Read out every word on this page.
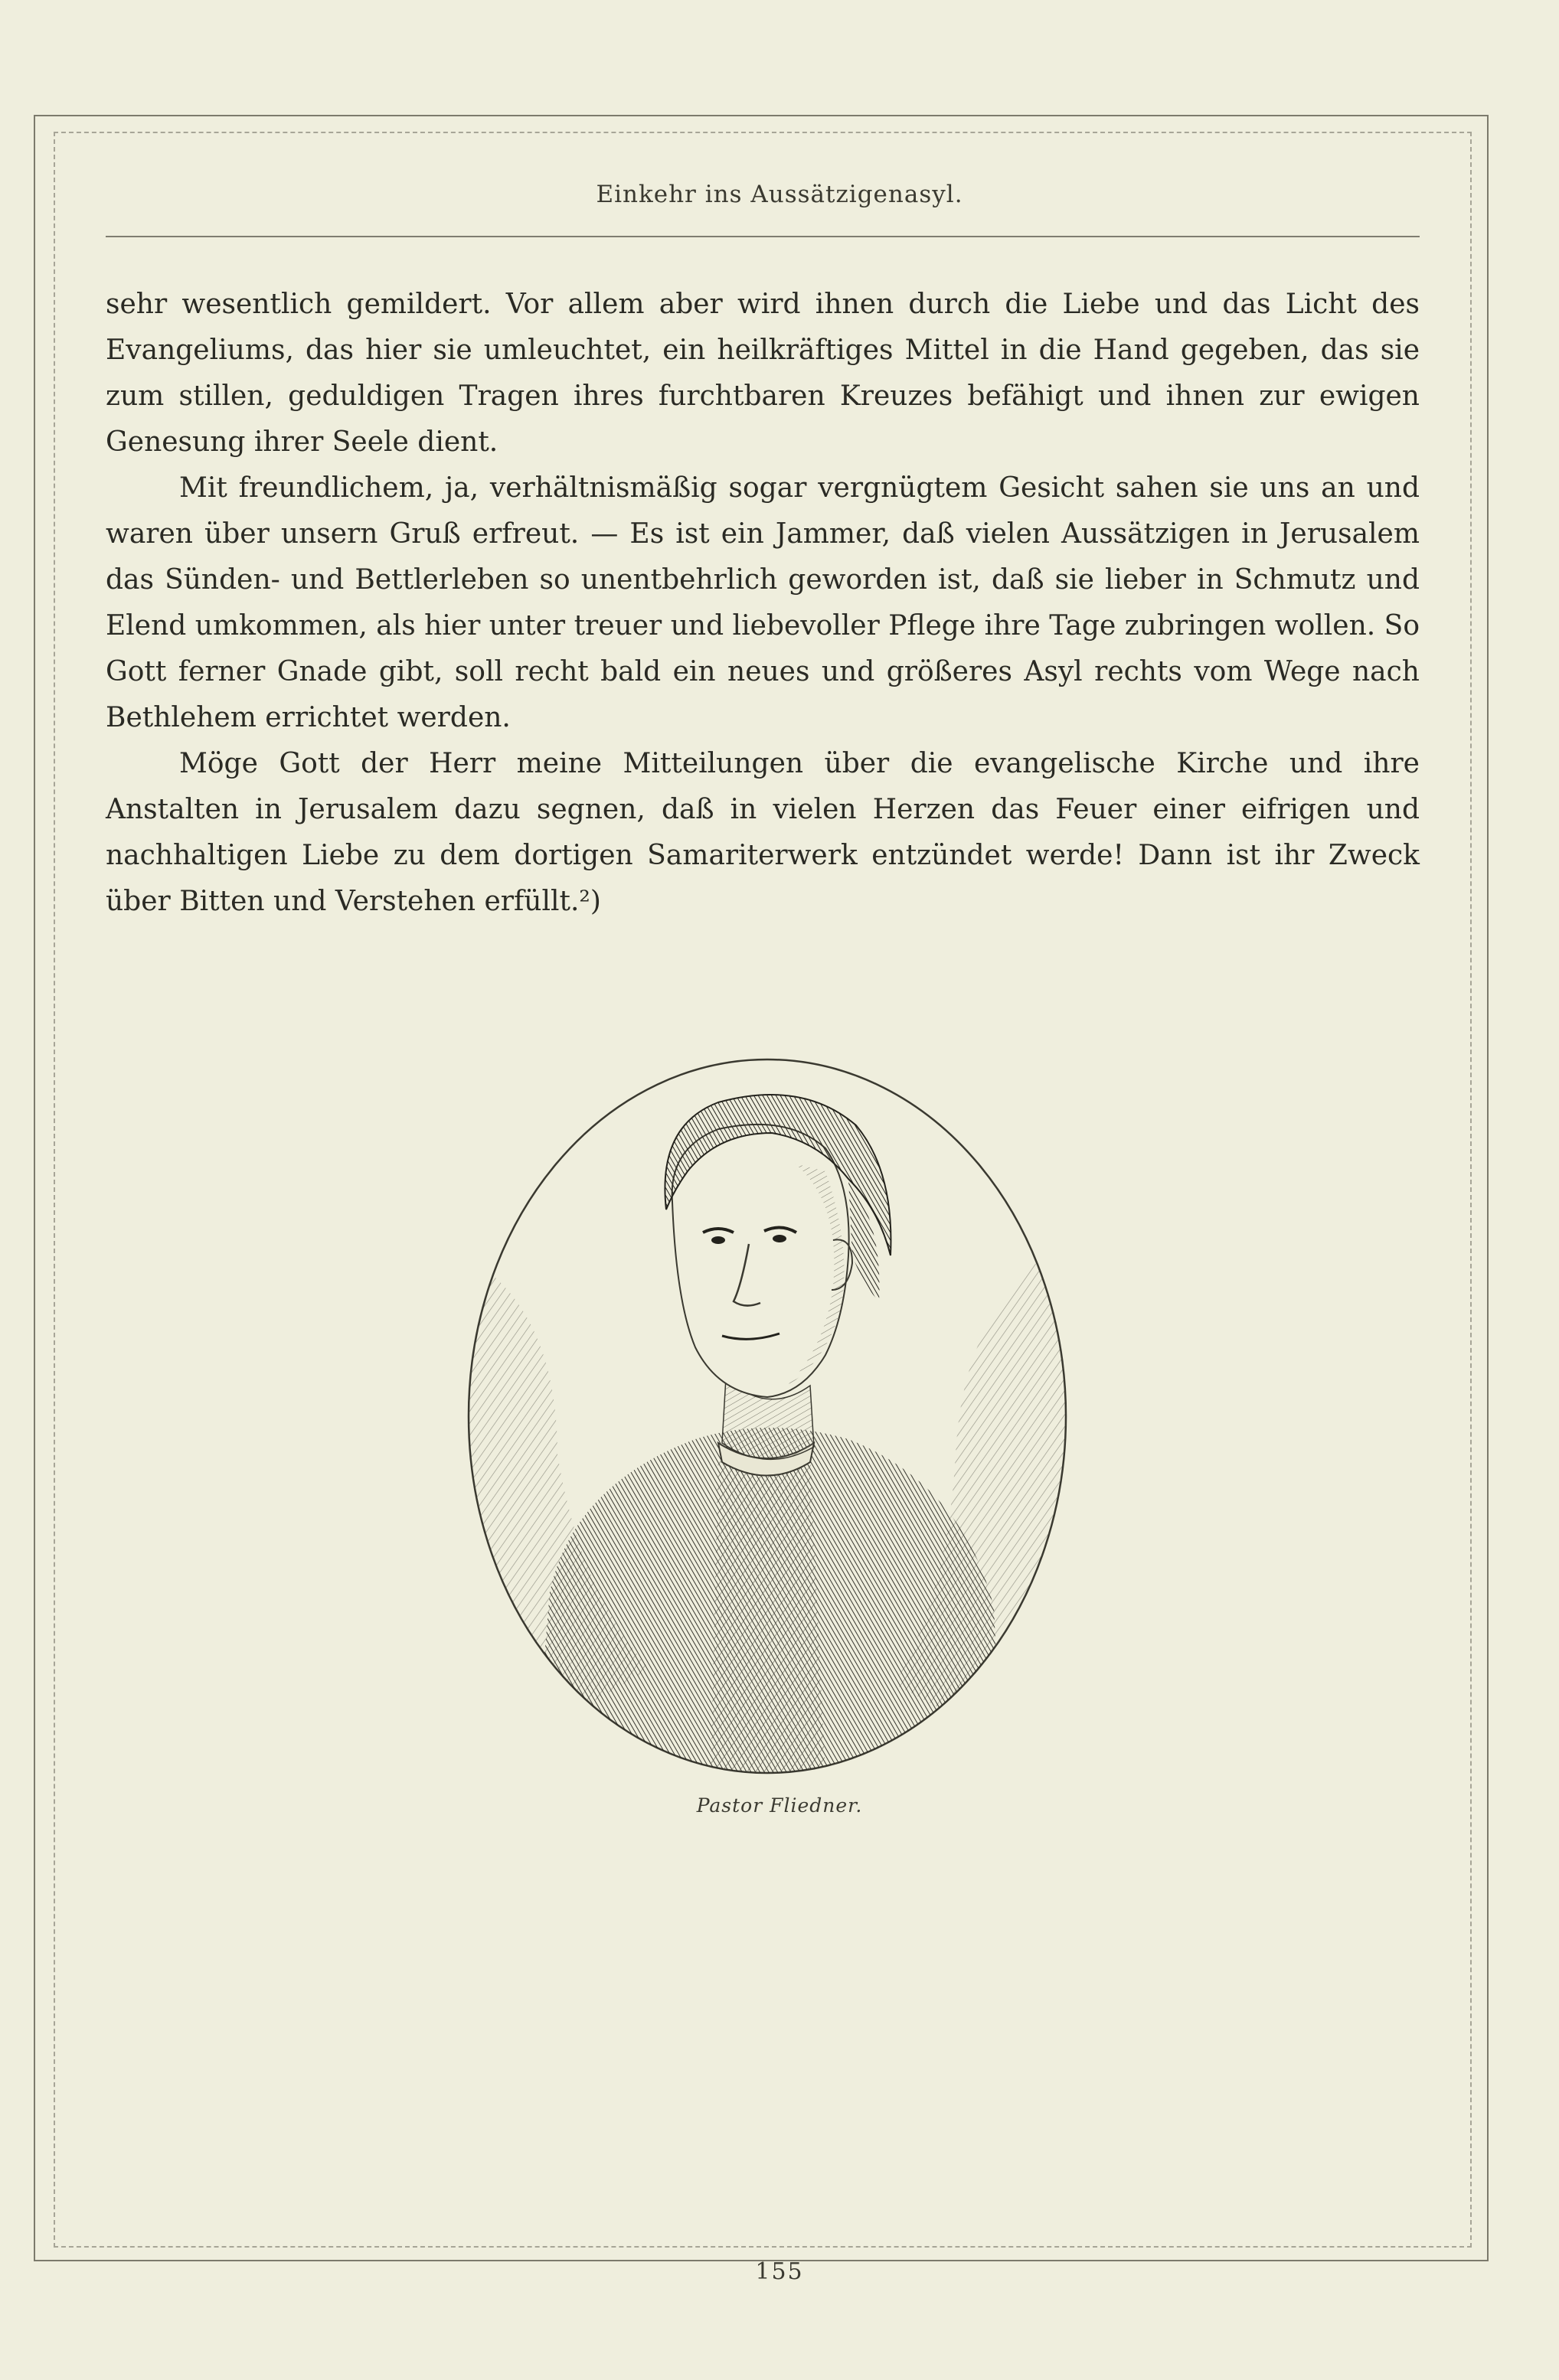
Einkehr ins Aussätzigenasyl.

sehr wesentlich gemildert. Vor allem aber wird ihnen durch die Liebe und das Licht des Evangeliums, das hier sie umleuchtet, ein heilkräftiges Mittel in die Hand gegeben, das sie zum stillen, geduldigen Tragen ihres furchtbaren Kreuzes befähigt und ihnen zur ewigen Genesung ihrer Seele dient.

Mit freundlichem, ja, verhältnismäßig sogar vergnügtem Gesicht sahen sie uns an und waren über unsern Gruß erfreut. — Es ist ein Jammer, daß vielen Aussätzigen in Jerusalem das Sünden- und Bettlerleben so unentbehrlich geworden ist, daß sie lieber in Schmutz und Elend umkommen, als hier unter treuer und liebevoller Pflege ihre Tage zubringen wollen. So Gott ferner Gnade gibt, soll recht bald ein neues und größeres Asyl rechts vom Wege nach Bethlehem errichtet werden.

Möge Gott der Herr meine Mitteilungen über die evangelische Kirche und ihre Anstalten in Jerusalem dazu segnen, daß in vielen Herzen das Feuer einer eifrigen und nachhaltigen Liebe zu dem dortigen Samariterwerk entzündet werde! Dann ist ihr Zweck über Bitten und Verstehen erfüllt.²)

Pastor Fliedner.
155
